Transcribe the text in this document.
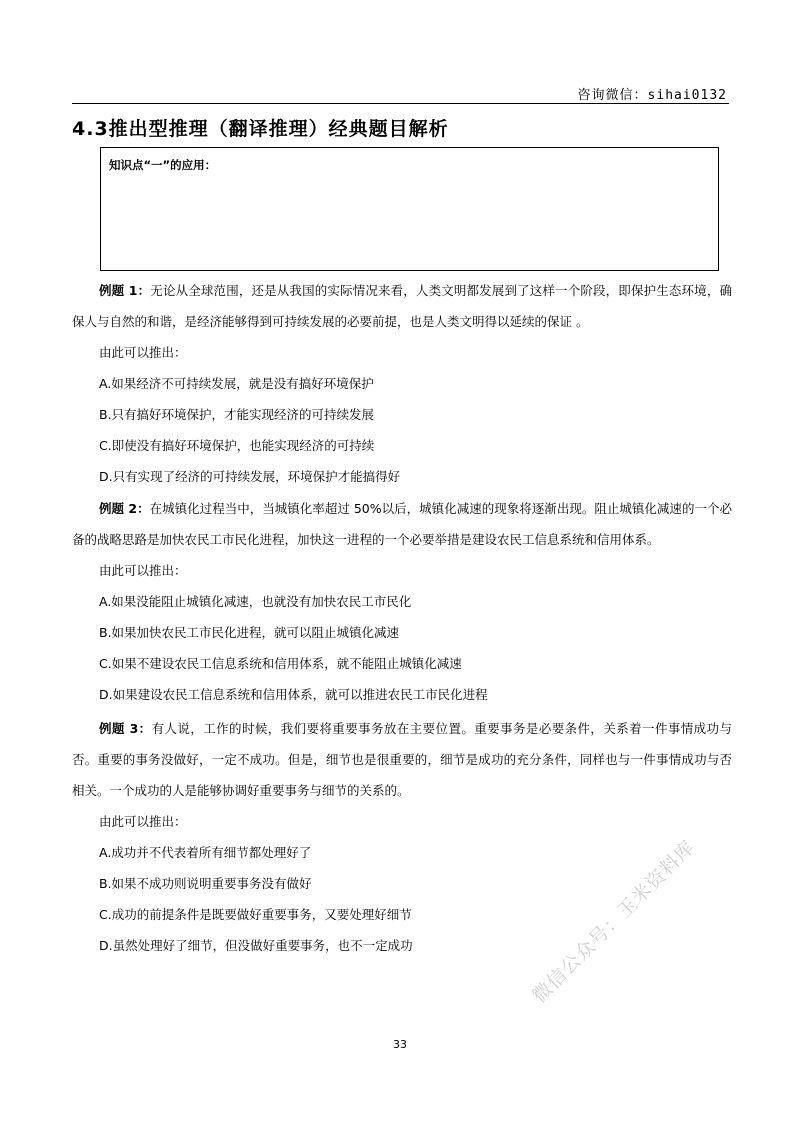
咨询微信：sihai0132
4.3推出型推理（翻译推理）经典题目解析
知识点“一”的应用：

例题 1：无论从全球范围，还是从我国的实际情况来看，人类文明都发展到了这样一个阶段，即保护生态环境，确保人与自然的和谐，是经济能够得到可持续发展的必要前提，也是人类文明得以延续的保证 。

由此可以推出：

A.如果经济不可持续发展，就是没有搞好环境保护

B.只有搞好环境保护，才能实现经济的可持续发展

C.即使没有搞好环境保护，也能实现经济的可持续

D.只有实现了经济的可持续发展，环境保护才能搞得好

例题 2：在城镇化过程当中，当城镇化率超过 50%以后，城镇化减速的现象将逐渐出现。阻止城镇化减速的一个必备的战略思路是加快农民工市民化进程，加快这一进程的一个必要举措是建设农民工信息系统和信用体系。

由此可以推出：

A.如果没能阻止城镇化减速，也就没有加快农民工市民化

B.如果加快农民工市民化进程，就可以阻止城镇化减速

C.如果不建设农民工信息系统和信用体系，就不能阻止城镇化减速

D.如果建设农民工信息系统和信用体系，就可以推进农民工市民化进程

例题 3：有人说，工作的时候，我们要将重要事务放在主要位置。重要事务是必要条件，关系着一件事情成功与否。重要的事务没做好，一定不成功。但是，细节也是很重要的，细节是成功的充分条件，同样也与一件事情成功与否相关。一个成功的人是能够协调好重要事务与细节的关系的。

由此可以推出：

A.成功并不代表着所有细节都处理好了

B.如果不成功则说明重要事务没有做好

C.成功的前提条件是既要做好重要事务，又要处理好细节

D.虽然处理好了细节，但没做好重要事务，也不一定成功	微信公众号：玉米资料库
33
